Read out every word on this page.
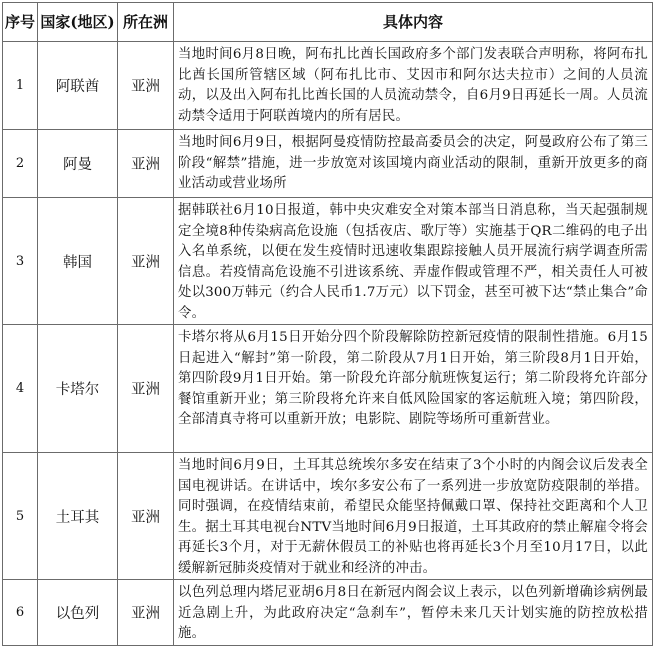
序号	国家(地区)	所在洲	具体内容
1	阿联酋	亚洲	当地时间6月8日晚，阿布扎比酋长国政府多个部门发表联合声明称，将阿布扎比酋长国所管辖区域（阿布扎比市、艾因市和阿尔达夫拉市）之间的人员流动，以及出入阿布扎比酋长国的人员流动禁令，自6月9日再延长一周。人员流动禁令适用于阿联酋境内的所有居民。
2	阿曼	亚洲	当地时间6月9日，根据阿曼疫情防控最高委员会的决定，阿曼政府公布了第三阶段“解禁”措施，进一步放宽对该国境内商业活动的限制，重新开放更多的商业活动或营业场所
3	韩国	亚洲	据韩联社6月10日报道，韩中央灾难安全对策本部当日消息称，当天起强制规定全境8种传染病高危设施（包括夜店、歌厅等）实施基于QR二维码的电子出入名单系统，以便在发生疫情时迅速收集跟踪接触人员开展流行病学调查所需信息。若疫情高危设施不引进该系统、弄虚作假或管理不严，相关责任人可被处以300万韩元（约合人民币1.7万元）以下罚金，甚至可被下达“禁止集合”命令。
4	卡塔尔	亚洲	卡塔尔将从6月15日开始分四个阶段解除防控新冠疫情的限制性措施。6月15日起进入“解封”第一阶段，第二阶段从7月1日开始，第三阶段8月1日开始，第四阶段9月1日开始。第一阶段允许部分航班恢复运行；第二阶段将允许部分餐馆重新开业；第三阶段将允许来自低风险国家的客运航班入境；第四阶段，全部清真寺将可以重新开放；电影院、剧院等场所可重新营业。
5	土耳其	亚洲	当地时间6月9日，土耳其总统埃尔多安在结束了3个小时的内阁会议后发表全国电视讲话。在讲话中，埃尔多安公布了一系列进一步放宽防疫限制的举措。同时强调，在疫情结束前，希望民众能坚持佩戴口罩、保持社交距离和个人卫生。据土耳其电视台NTV当地时间6月9日报道，土耳其政府的禁止解雇令将会再延长3个月，对于无薪休假员工的补贴也将再延长3个月至10月17日，以此缓解新冠肺炎疫情对于就业和经济的冲击。
6	以色列	亚洲	以色列总理内塔尼亚胡6月8日在新冠内阁会议上表示，以色列新增确诊病例最近急剧上升，为此政府决定“急刹车”，暂停未来几天计划实施的防控放松措施。
